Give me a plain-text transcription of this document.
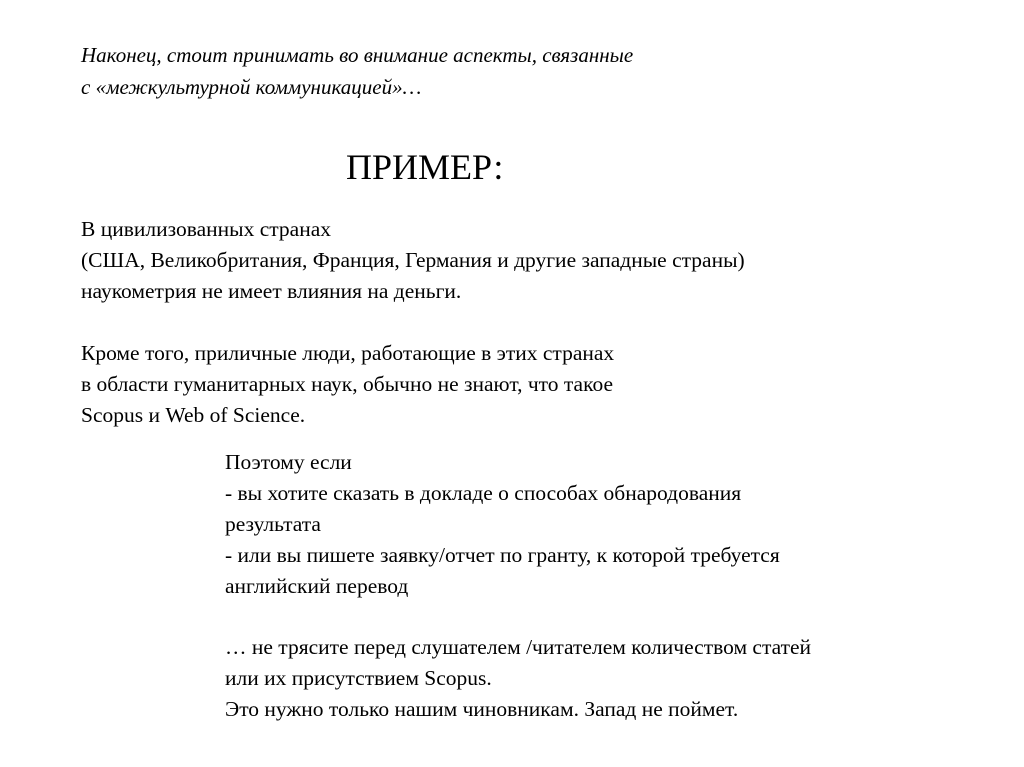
Наконец, стоит принимать во внимание аспекты, связанные

с «межкультурной коммуникацией»…

ПРИМЕР:

В цивилизованных странах

(США, Великобритания, Франция, Германия и другие западные страны)

наукометрия не имеет влияния на деньги.

Кроме того, приличные люди, работающие в этих странах

в области гуманитарных наук, обычно не знают, что такое

Scopus и Web of Science.

Поэтому если

- вы хотите сказать в докладе о способах обнародования

результата

- или вы пишете заявку/отчет по гранту, к которой требуется

английский перевод

… не трясите перед слушателем /читателем количеством статей

или их присутствием Scopus.

Это нужно только нашим чиновникам. Запад не поймет.
